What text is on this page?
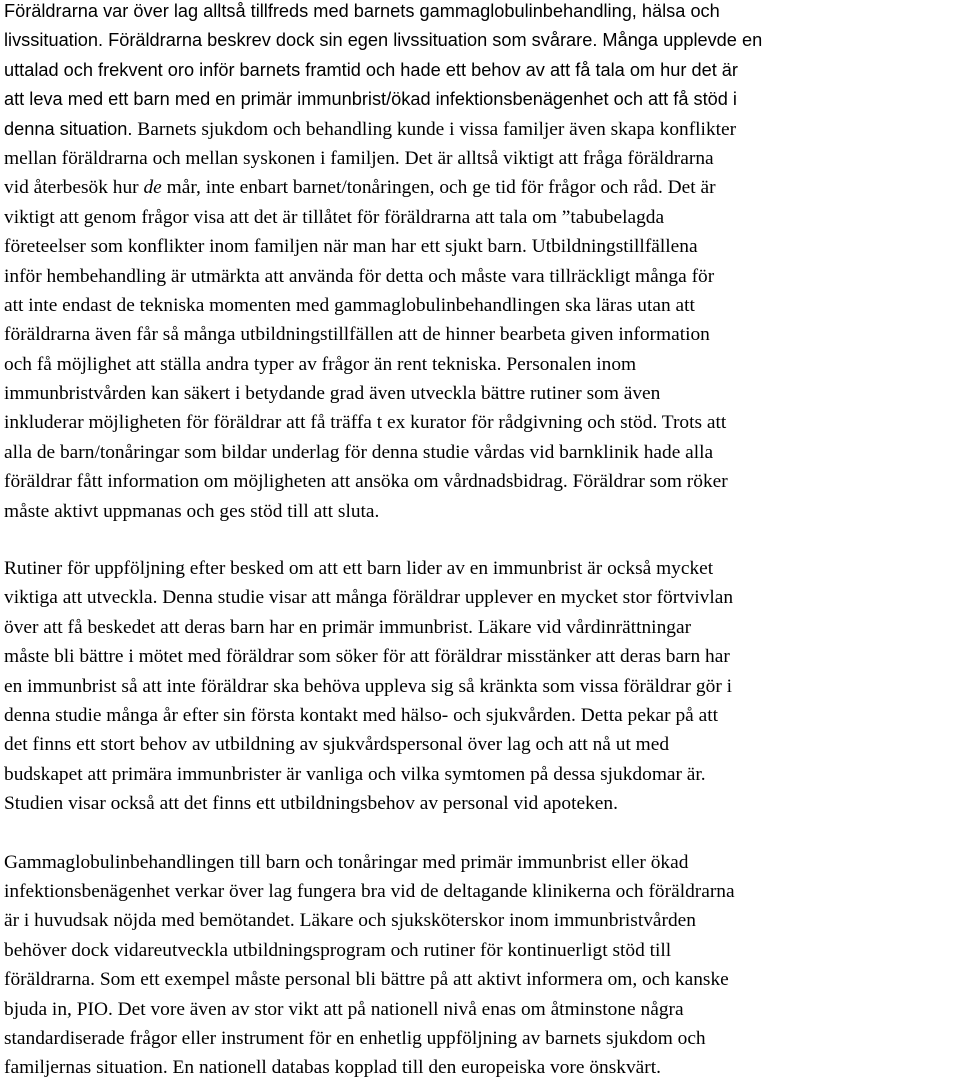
Föräldrarna var över lag alltså tillfreds med barnets gammaglobulinbehandling, hälsa och
livssituation. Föräldrarna beskrev dock sin egen livssituation som svårare. Många upplevde en
uttalad och frekvent oro inför barnets framtid och hade ett behov av att få tala om hur det är
att leva med ett barn med en primär immunbrist/ökad infektionsbenägenhet och att få stöd i
denna situation. Barnets sjukdom och behandling kunde i vissa familjer även skapa konflikter
mellan föräldrarna och mellan syskonen i familjen. Det är alltså viktigt att fråga föräldrarna
vid återbesök hur de mår, inte enbart barnet/tonåringen, och ge tid för frågor och råd. Det är
viktigt att genom frågor visa att det är tillåtet för föräldrarna att tala om ”tabubelagda
företeelser som konflikter inom familjen när man har ett sjukt barn. Utbildningstillfällena
inför hembehandling är utmärkta att använda för detta och måste vara tillräckligt många för
att inte endast de tekniska momenten med gammaglobulinbehandlingen ska läras utan att
föräldrarna även får så många utbildningstillfällen att de hinner bearbeta given information
och få möjlighet att ställa andra typer av frågor än rent tekniska. Personalen inom
immunbristvården kan säkert i betydande grad även utveckla bättre rutiner som även
inkluderar möjligheten för föräldrar att få träffa t ex kurator för rådgivning och stöd. Trots att
alla de barn/tonåringar som bildar underlag för denna studie vårdas vid barnklinik hade alla
föräldrar fått information om möjligheten att ansöka om vårdnadsbidrag. Föräldrar som röker
måste aktivt uppmanas och ges stöd till att sluta.
Rutiner för uppföljning efter besked om att ett barn lider av en immunbrist är också mycket
viktiga att utveckla. Denna studie visar att många föräldrar upplever en mycket stor förtvivlan
över att få beskedet att deras barn har en primär immunbrist. Läkare vid vårdinrättningar
måste bli bättre i mötet med föräldrar som söker för att föräldrar misstänker att deras barn har
en immunbrist så att inte föräldrar ska behöva uppleva sig så kränkta som vissa föräldrar gör i
denna studie många år efter sin första kontakt med hälso- och sjukvården. Detta pekar på att
det finns ett stort behov av utbildning av sjukvårdspersonal över lag och att nå ut med
budskapet att primära immunbrister är vanliga och vilka symtomen på dessa sjukdomar är.
Studien visar också att det finns ett utbildningsbehov av personal vid apoteken.
Gammaglobulinbehandlingen till barn och tonåringar med primär immunbrist eller ökad
infektionsbenägenhet verkar över lag fungera bra vid de deltagande klinikerna och föräldrarna
är i huvudsak nöjda med bemötandet. Läkare och sjuksköterskor inom immunbristvården
behöver dock vidareutveckla utbildningsprogram och rutiner för kontinuerligt stöd till
föräldrarna. Som ett exempel måste personal bli bättre på att aktivt informera om, och kanske
bjuda in, PIO. Det vore även av stor vikt att på nationell nivå enas om åtminstone några
standardiserade frågor eller instrument för en enhetlig uppföljning av barnets sjukdom och
familjernas situation. En nationell databas kopplad till den europeiska vore önskvärt.
